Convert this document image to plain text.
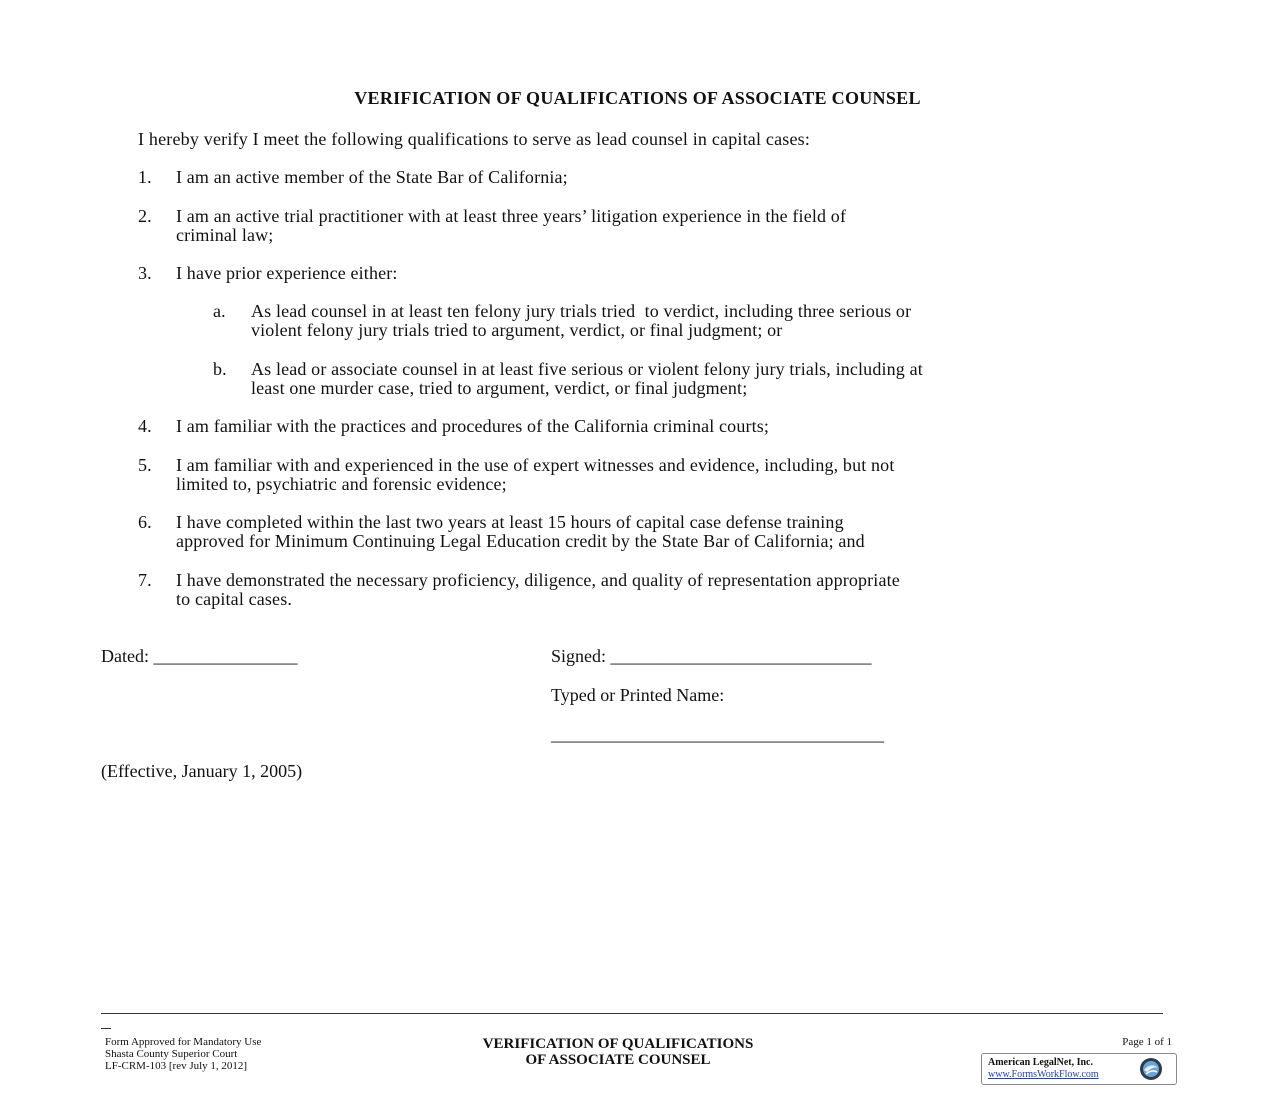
VERIFICATION OF QUALIFICATIONS OF ASSOCIATE COUNSEL
I hereby verify I meet the following qualifications to serve as lead counsel in capital cases:
1. I am an active member of the State Bar of California;
2. I am an active trial practitioner with at least three years’ litigation experience in the field of
criminal law;
3. I have prior experience either:
a. As lead counsel in at least ten felony jury trials tried  to verdict, including three serious or
violent felony jury trials tried to argument, verdict, or final judgment; or
b. As lead or associate counsel in at least five serious or violent felony jury trials, including at
least one murder case, tried to argument, verdict, or final judgment;
4. I am familiar with the practices and procedures of the California criminal courts;
5. I am familiar with and experienced in the use of expert witnesses and evidence, including, but not
limited to, psychiatric and forensic evidence;
6. I have completed within the last two years at least 15 hours of capital case defense training
approved for Minimum Continuing Legal Education credit by the State Bar of California; and
7. I have demonstrated the necessary proficiency, diligence, and quality of representation appropriate
to capital cases.
Dated: ________________	Signed: _____________________________
Typed or Printed Name:
_____________________________________
(Effective, January 1, 2005)
Form Approved for Mandatory Use
Shasta County Superior Court
LF-CRM-103 [rev July 1, 2012]
VERIFICATION OF QUALIFICATIONS
OF ASSOCIATE COUNSEL
Page 1 of 1
American LegalNet, Inc.
www.FormsWorkFlow.com
